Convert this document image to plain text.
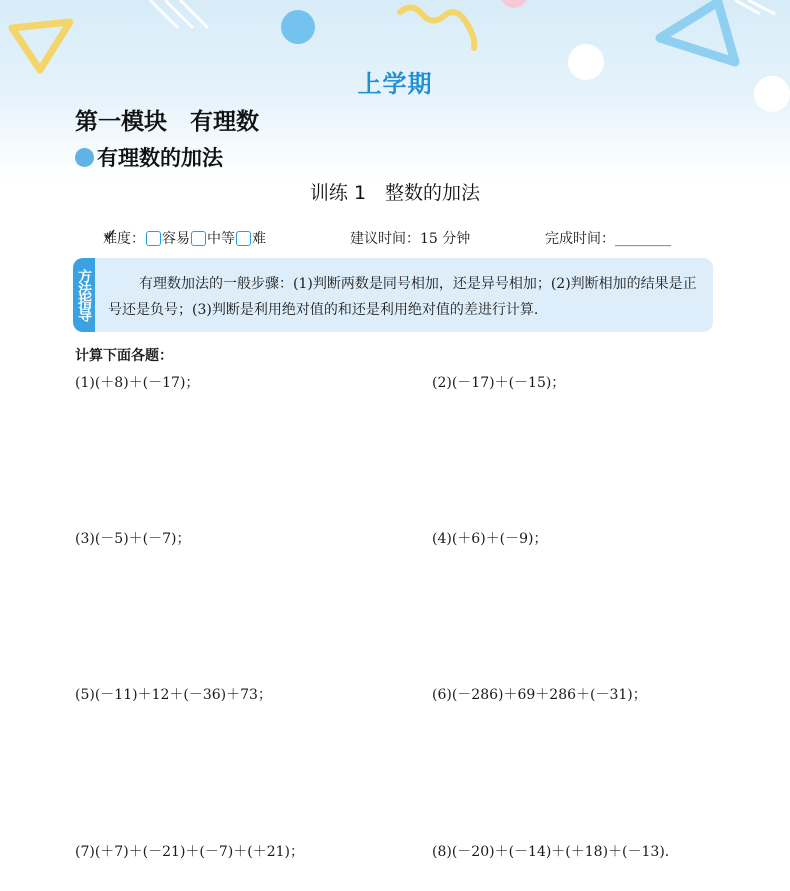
上学期
第一模块　有理数
有理数的加法
训练 1　整数的加法
难度： 容易 中等 难	建议时间：15 分钟	完成时间：________
方法指导	有理数加法的一般步骤：(1)判断两数是同号相加，还是异号相加；(2)判断相加的结果是正号还是负号；(3)判断是利用绝对值的和还是利用绝对值的差进行计算.
计算下面各题：
(1)(＋8)＋(－17)；	(2)(－17)＋(－15)；
(3)(－5)＋(－7)；	(4)(＋6)＋(－9)；
(5)(－11)＋12＋(－36)＋73；	(6)(－286)＋69＋286＋(－31)；
(7)(＋7)＋(－21)＋(－7)＋(＋21)；	(8)(－20)＋(－14)＋(＋18)＋(－13).
